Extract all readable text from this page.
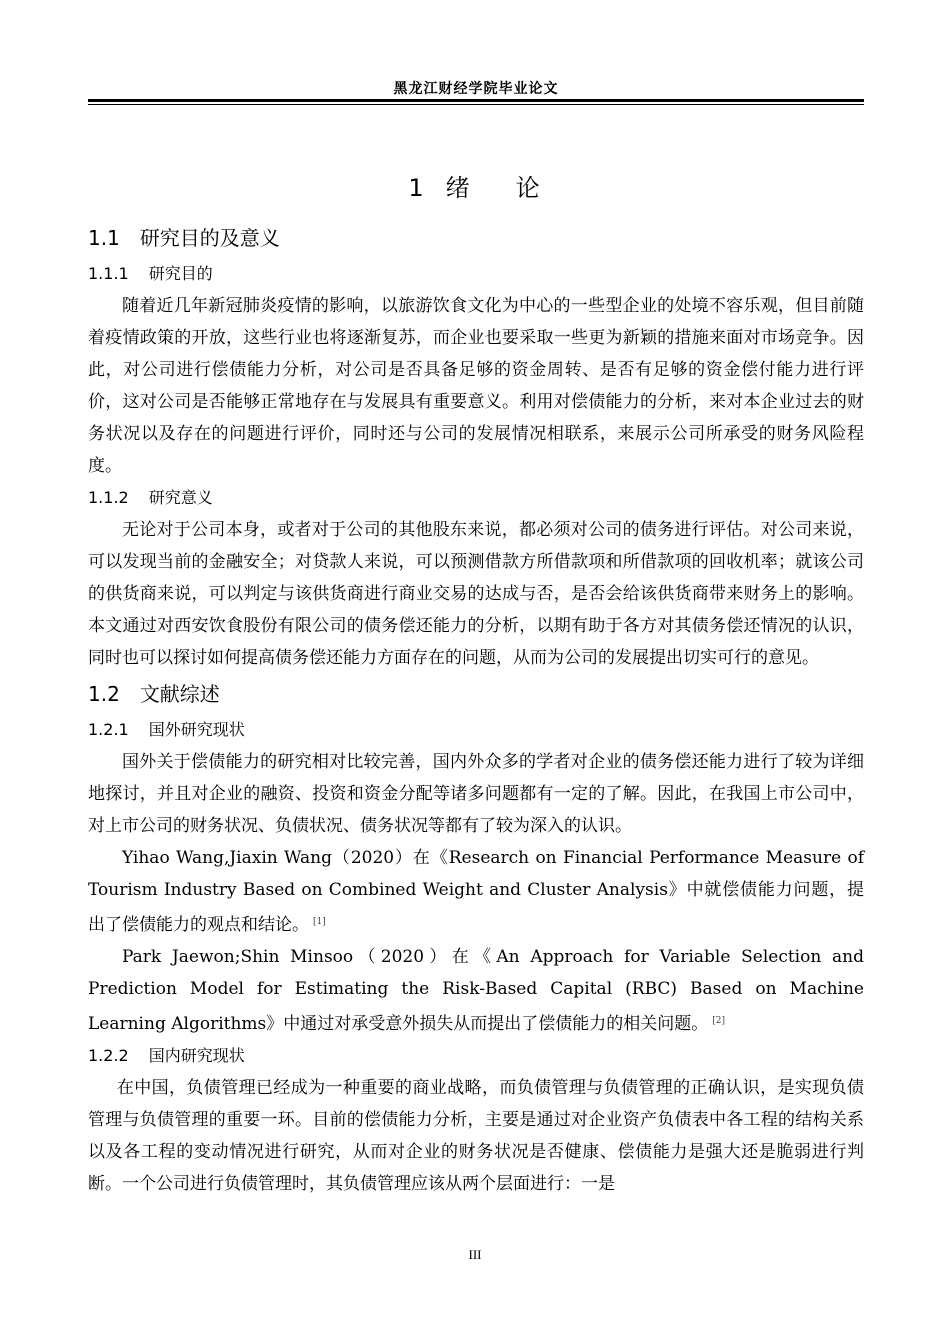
黑龙江财经学院毕业论文
1 绪 论
1.1 研究目的及意义
1.1.1 研究目的

随着近几年新冠肺炎疫情的影响，以旅游饮食文化为中心的一些型企业的处境不容乐观，但目前随着疫情政策的开放，这些行业也将逐渐复苏，而企业也要采取一些更为新颖的措施来面对市场竞争。因此，对公司进行偿债能力分析，对公司是否具备足够的资金周转、是否有足够的资金偿付能力进行评价，这对公司是否能够正常地存在与发展具有重要意义。利用对偿债能力的分析，来对本企业过去的财务状况以及存在的问题进行评价，同时还与公司的发展情况相联系，来展示公司所承受的财务风险程度。

1.1.2 研究意义

无论对于公司本身，或者对于公司的其他股东来说，都必须对公司的债务进行评估。对公司来说，可以发现当前的金融安全；对贷款人来说，可以预测借款方所借款项和所借款项的回收机率；就该公司的供货商来说，可以判定与该供货商进行商业交易的达成与否，是否会给该供货商带来财务上的影响。本文通过对西安饮食股份有限公司的债务偿还能力的分析，以期有助于各方对其债务偿还情况的认识，同时也可以探讨如何提高债务偿还能力方面存在的问题，从而为公司的发展提出切实可行的意见。

1.2 文献综述
1.2.1 国外研究现状

国外关于偿债能力的研究相对比较完善，国内外众多的学者对企业的债务偿还能力进行了较为详细地探讨，并且对企业的融资、投资和资金分配等诸多问题都有一定的了解。因此，在我国上市公司中，对上市公司的财务状况、负债状况、债务状况等都有了较为深入的认识。

Yihao Wang,Jiaxin Wang（2020）在《Research on Financial Performance Measure of Tourism Industry Based on Combined Weight and Cluster Analysis》中就偿债能力问题，提出了偿债能力的观点和结论。 [1]

Park Jaewon;Shin Minsoo（2020）在《An Approach for Variable Selection and Prediction Model for Estimating the Risk-Based Capital (RBC) Based on Machine Learning Algorithms》中通过对承受意外损失从而提出了偿债能力的相关问题。 [2]

1.2.2 国内研究现状

在中国，负债管理已经成为一种重要的商业战略，而负债管理与负债管理的正确认识，是实现负债管理与负债管理的重要一环。目前的偿债能力分析，主要是通过对企业资产负债表中各工程的结构关系以及各工程的变动情况进行研究，从而对企业的财务状况是否健康、偿债能力是强大还是脆弱进行判断。一个公司进行负债管理时，其负债管理应该从两个层面进行：一是

III
